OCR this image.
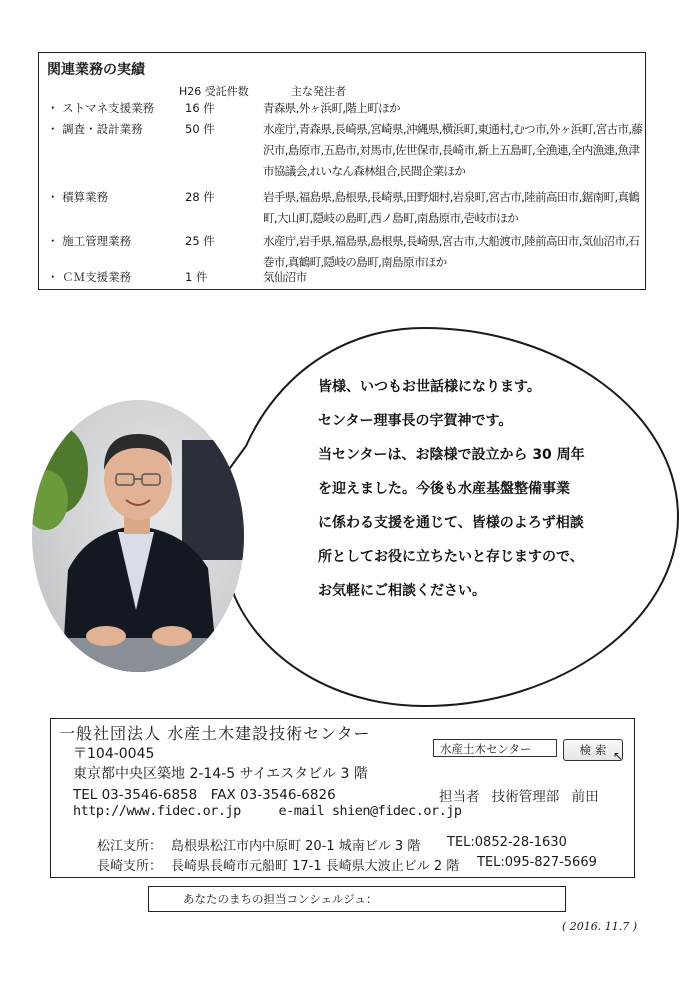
関連業務の実績
H26 受託件数	主な発注者
・ ストマネ支援業務	16 件	青森県,外ヶ浜町,階上町ほか
・ 調査・設計業務	50 件	水産庁,青森県,長崎県,宮崎県,沖縄県,横浜町,東通村,むつ市,外ヶ浜町,宮古市,藤沢市,島原市,五島市,対馬市,佐世保市,長崎市,新上五島町,全漁連,全内漁連,魚津市協議会,れいなん森林組合,民間企業ほか
・ 積算業務	28 件	岩手県,福島県,島根県,長崎県,田野畑村,岩泉町,宮古市,陸前高田市,鋸南町,真鶴町,大山町,隠岐の島町,西ノ島町,南島原市,壱岐市ほか
・ 施工管理業務	25 件	水産庁,岩手県,福島県,島根県,長崎県,宮古市,大船渡市,陸前高田市,気仙沼市,石巻市,真鶴町,隠岐の島町,南島原市ほか
・ ＣＭ支援業務	1 件	気仙沼市

皆様、いつもお世話様になります。

センター理事長の宇賀神です。

当センターは、お陰様で設立から 30 周年

を迎えました。今後も水産基盤整備事業

に係わる支援を通じて、皆様のよろず相談

所としてお役に立ちたいと存じますので、

お気軽にご相談ください。

一般社団法人 水産土木建設技術センター
〒104-0045
東京都中央区築地 2-14-5 サイエスタビル 3 階
TEL 03-3546-6858　FAX 03-3546-6826
http://www.fidec.or.jp	e-mail shien@fidec.or.jp
水産土木センター	検 索 ↖
担当者 技術管理部 前田
松江支所： 島根県松江市内中原町 20-1 城南ビル 3 階 TEL:0852-28-1630
長崎支所： 長崎県長崎市元船町 17-1 長崎県大波止ビル 2 階 TEL:095-827-5669
あなたのまちの担当コンシェルジュ：
( 2016. 11.7 )
